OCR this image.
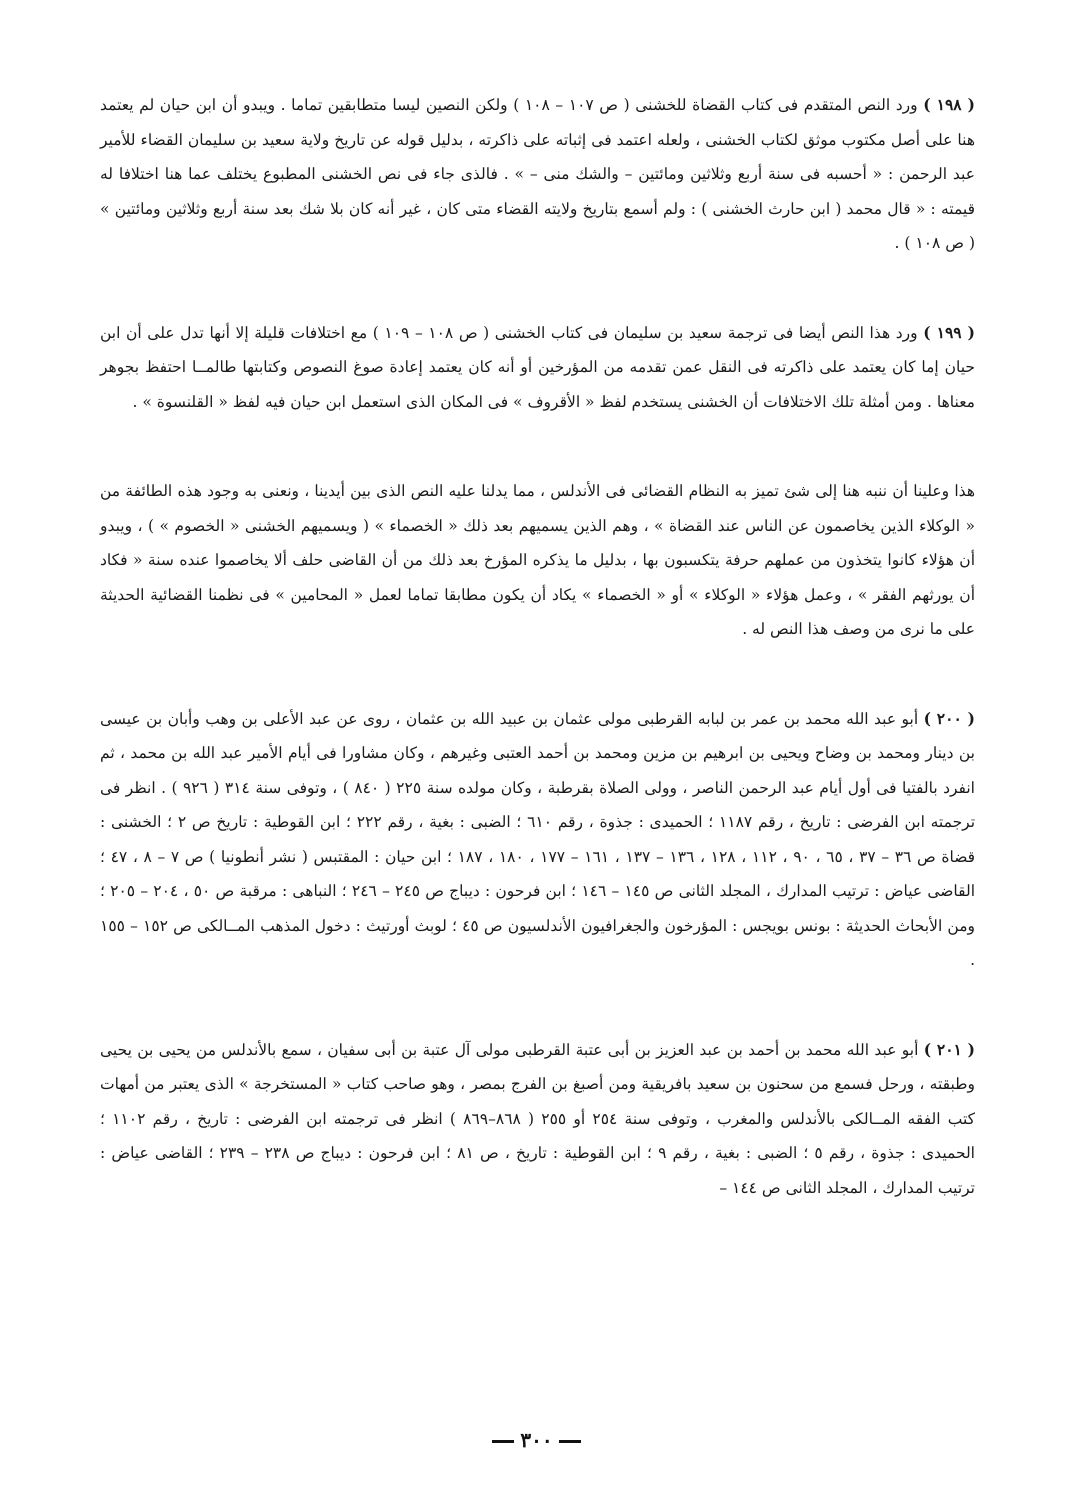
( ١٩٨ ) ورد النص المتقدم فى كتاب القضاة للخشنى ( ص ١٠٧ – ١٠٨ ) ولكن النصين ليسا متطابقين تماما . ويبدو أن ابن حيان لم يعتمد هنا على أصل مكتوب موثق لكتاب الخشنى ، ولعله اعتمد فى إثباته على ذاكرته ، بدليل قوله عن تاريخ ولاية سعيد بن سليمان القضاء للأمير عبد الرحمن : « أحسبه فى سنة أربع وثلاثين ومائتين – والشك منى – » . فالذى جاء فى نص الخشنى المطبوع يختلف عما هنا اختلافا له قيمته : « قال محمد ( ابن حارث الخشنى ) : ولم أسمع بتاريخ ولايته القضاء متى كان ، غير أنه كان بلا شك بعد سنة أربع وثلاثين ومائتين » ( ص ١٠٨ ) .

( ١٩٩ ) ورد هذا النص أيضا فى ترجمة سعيد بن سليمان فى كتاب الخشنى ( ص ١٠٨ – ١٠٩ ) مع اختلافات قليلة إلا أنها تدل على أن ابن حيان إما كان يعتمد على ذاكرته فى النقل عمن تقدمه من المؤرخين أو أنه كان يعتمد إعادة صوغ النصوص وكتابتها طالمــا احتفظ بجوهر معناها . ومن أمثلة تلك الاختلافات أن الخشنى يستخدم لفظ « الأقروف » فى المكان الذى استعمل ابن حيان فيه لفظ « القلنسوة » .

هذا وعلينا أن ننبه هنا إلى شئ تميز به النظام القضائى فى الأندلس ، مما يدلنا عليه النص الذى بين أيدينا ، ونعنى به وجود هذه الطائفة من « الوكلاء الذين يخاصمون عن الناس عند القضاة » ، وهم الذين يسميهم بعد ذلك « الخصماء » ( ويسميهم الخشنى « الخصوم » ) ، ويبدو أن هؤلاء كانوا يتخذون من عملهم حرفة يتكسبون بها ، بدليل ما يذكره المؤرخ بعد ذلك من أن القاضى حلف ألا يخاصموا عنده سنة « فكاد أن يورثهم الفقر » ، وعمل هؤلاء « الوكلاء » أو « الخصماء » يكاد أن يكون مطابقا تماما لعمل « المحامين » فى نظمنا القضائية الحديثة على ما نرى من وصف هذا النص له .

( ٢٠٠ ) أبو عبد الله محمد بن عمر بن لبابه القرطبى مولى عثمان بن عبيد الله بن عثمان ، روى عن عبد الأعلى بن وهب وأبان بن عيسى بن دينار ومحمد بن وضاح ويحيى بن ابرهيم بن مزين ومحمد بن أحمد العتبى وغيرهم ، وكان مشاورا فى أيام الأمير عبد الله بن محمد ، ثم انفرد بالفتيا فى أول أيام عبد الرحمن الناصر ، وولى الصلاة بقرطبة ، وكان مولده سنة ٢٢٥ ( ٨٤٠ ) ، وتوفى سنة ٣١٤ ( ٩٢٦ ) . انظر فى ترجمته ابن الفرضى : تاريخ ، رقم ١١٨٧ ؛ الحميدى : جذوة ، رقم ٦١٠ ؛ الضبى : بغية ، رقم ٢٢٢ ؛ ابن القوطية : تاريخ ص ٢ ؛ الخشنى : قضاة ص ٣٦ – ٣٧ ، ٦٥ ، ٩٠ ، ١١٢ ، ١٢٨ ، ١٣٦ – ١٣٧ ، ١٦١ – ١٧٧ ، ١٨٠ ، ١٨٧ ؛ ابن حيان : المقتبس ( نشر أنطونيا ) ص ٧ – ٨ ، ٤٧ ؛ القاضى عياض : ترتيب المدارك ، المجلد الثانى ص ١٤٥ – ١٤٦ ؛ ابن فرحون : ديباج ص ٢٤٥ – ٢٤٦ ؛ النباهى : مرقبة ص ٥٠ ، ٢٠٤ – ٢٠٥ ؛ ومن الأبحاث الحديثة : بونس بويجس : المؤرخون والجغرافيون الأندلسيون ص ٤٥ ؛ لوبث أورتيث : دخول المذهب المــالكى ص ١٥٢ – ١٥٥ .

( ٢٠١ ) أبو عبد الله محمد بن أحمد بن عبد العزيز بن أبى عتبة القرطبى مولى آل عتبة بن أبى سفيان ، سمع بالأندلس من يحيى بن يحيى وطبقته ، ورحل فسمع من سحنون بن سعيد بافريقية ومن أصبغ بن الفرج بمصر ، وهو صاحب كتاب « المستخرجة » الذى يعتبر من أمهات كتب الفقه المــالكى بالأندلس والمغرب ، وتوفى سنة ٢٥٤ أو ٢٥٥ ( ٨٦٨–٨٦٩ ) انظر فى ترجمته ابن الفرضى : تاريخ ، رقم ١١٠٢ ؛ الحميدى : جذوة ، رقم ٥ ؛ الضبى : بغية ، رقم ٩ ؛ ابن القوطية : تاريخ ، ص ٨١ ؛ ابن فرحون : ديباج ص ٢٣٨ – ٢٣٩ ؛ القاضى عياض : ترتيب المدارك ، المجلد الثانى ص ١٤٤ –

٣٠٠
